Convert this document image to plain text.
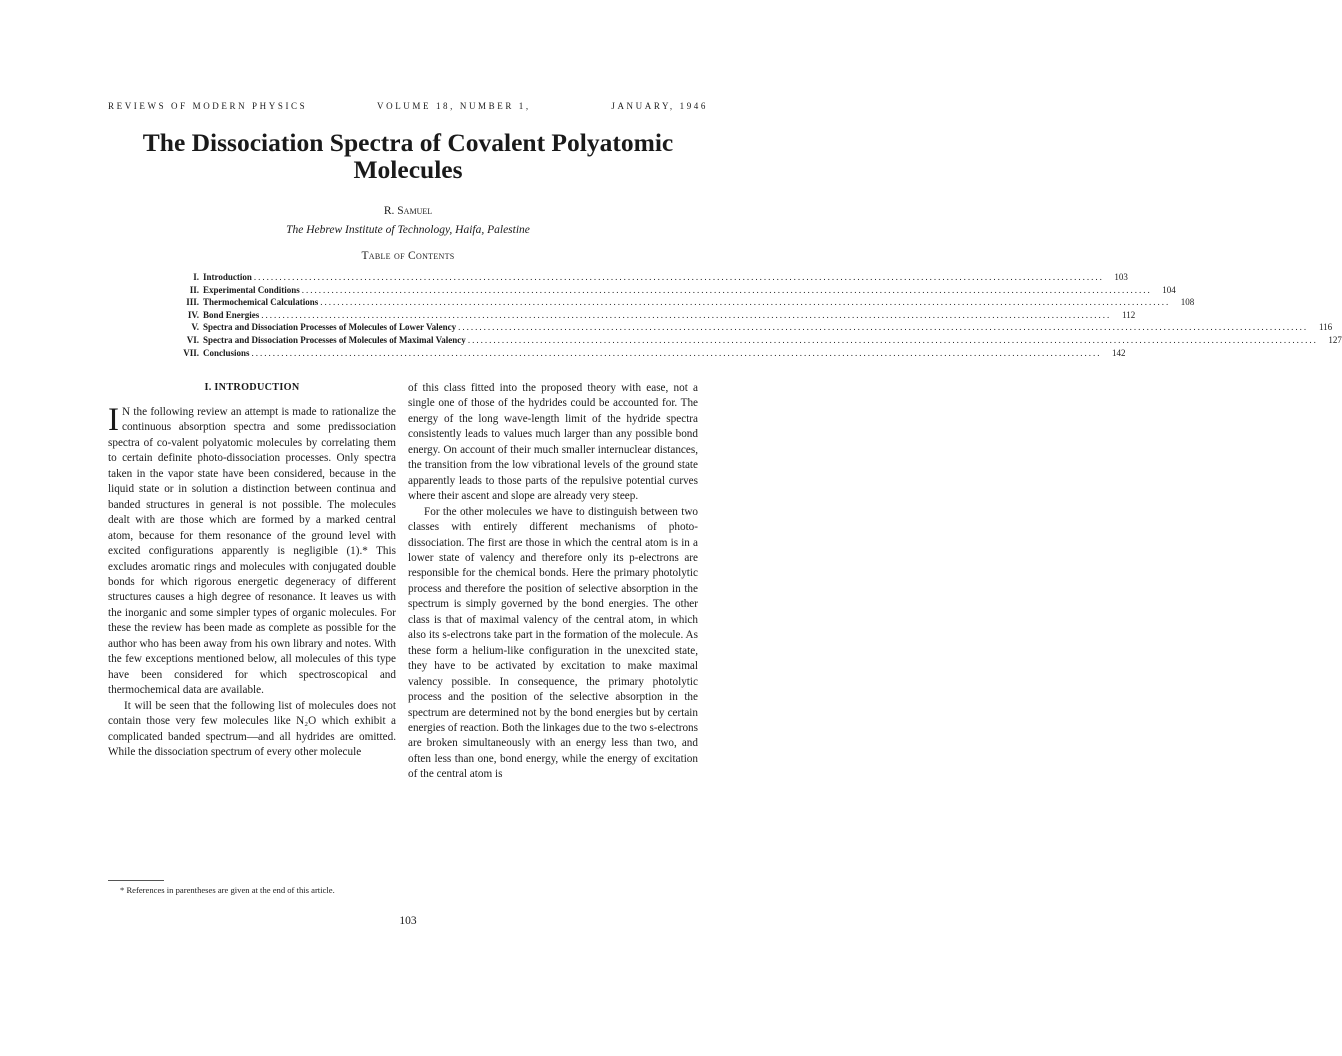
REVIEWS OF MODERN PHYSICS	VOLUME 18, NUMBER 1,	JANUARY, 1946
The Dissociation Spectra of Covalent Polyatomic Molecules
R. Samuel
The Hebrew Institute of Technology, Haifa, Palestine
Table of Contents
I. Introduction ........................................................................................................................................................................................................	103
II. Experimental Conditions ........................................................................................................................................................................................................	104
III. Thermochemical Calculations ........................................................................................................................................................................................................	108
IV. Bond Energies ........................................................................................................................................................................................................	112
V. Spectra and Dissociation Processes of Molecules of Lower Valency ........................................................................................................................................................................................................	116
VI. Spectra and Dissociation Processes of Molecules of Maximal Valency ........................................................................................................................................................................................................	127
VII. Conclusions ........................................................................................................................................................................................................	142
I. INTRODUCTION

I N the following review an attempt is made to rationalize the continuous absorption spectra and some predissociation spectra of co-valent polyatomic molecules by correlating them to certain definite photo-dissociation processes. Only spectra taken in the vapor state have been considered, because in the liquid state or in solution a distinction between continua and banded structures in general is not possible. The molecules dealt with are those which are formed by a marked central atom, because for them resonance of the ground level with excited configurations apparently is negligible (1).* This excludes aromatic rings and molecules with conjugated double bonds for which rigorous energetic degeneracy of different structures causes a high degree of resonance. It leaves us with the inorganic and some simpler types of organic molecules. For these the review has been made as complete as possible for the author who has been away from his own library and notes. With the few exceptions mentioned below, all molecules of this type have been considered for which spectroscopical and thermochemical data are available.

It will be seen that the following list of molecules does not contain those very few molecules like N₂O which exhibit a complicated banded spectrum—and all hydrides are omitted. While the dissociation spectrum of every other molecule

of this class fitted into the proposed theory with ease, not a single one of those of the hydrides could be accounted for. The energy of the long wave-length limit of the hydride spectra consistently leads to values much larger than any possible bond energy. On account of their much smaller internuclear distances, the transition from the low vibrational levels of the ground state apparently leads to those parts of the repulsive potential curves where their ascent and slope are already very steep.

For the other molecules we have to distinguish between two classes with entirely different mechanisms of photo-dissociation. The first are those in which the central atom is in a lower state of valency and therefore only its p-electrons are responsible for the chemical bonds. Here the primary photolytic process and therefore the position of selective absorption in the spectrum is simply governed by the bond energies. The other class is that of maximal valency of the central atom, in which also its s-electrons take part in the formation of the molecule. As these form a helium-like configuration in the unexcited state, they have to be activated by excitation to make maximal valency possible. In consequence, the primary photolytic process and the position of the selective absorption in the spectrum are determined not by the bond energies but by certain energies of reaction. Both the linkages due to the two s-electrons are broken simultaneously with an energy less than two, and often less than one, bond energy, while the energy of excitation of the central atom is

* References in parentheses are given at the end of this article.
103
